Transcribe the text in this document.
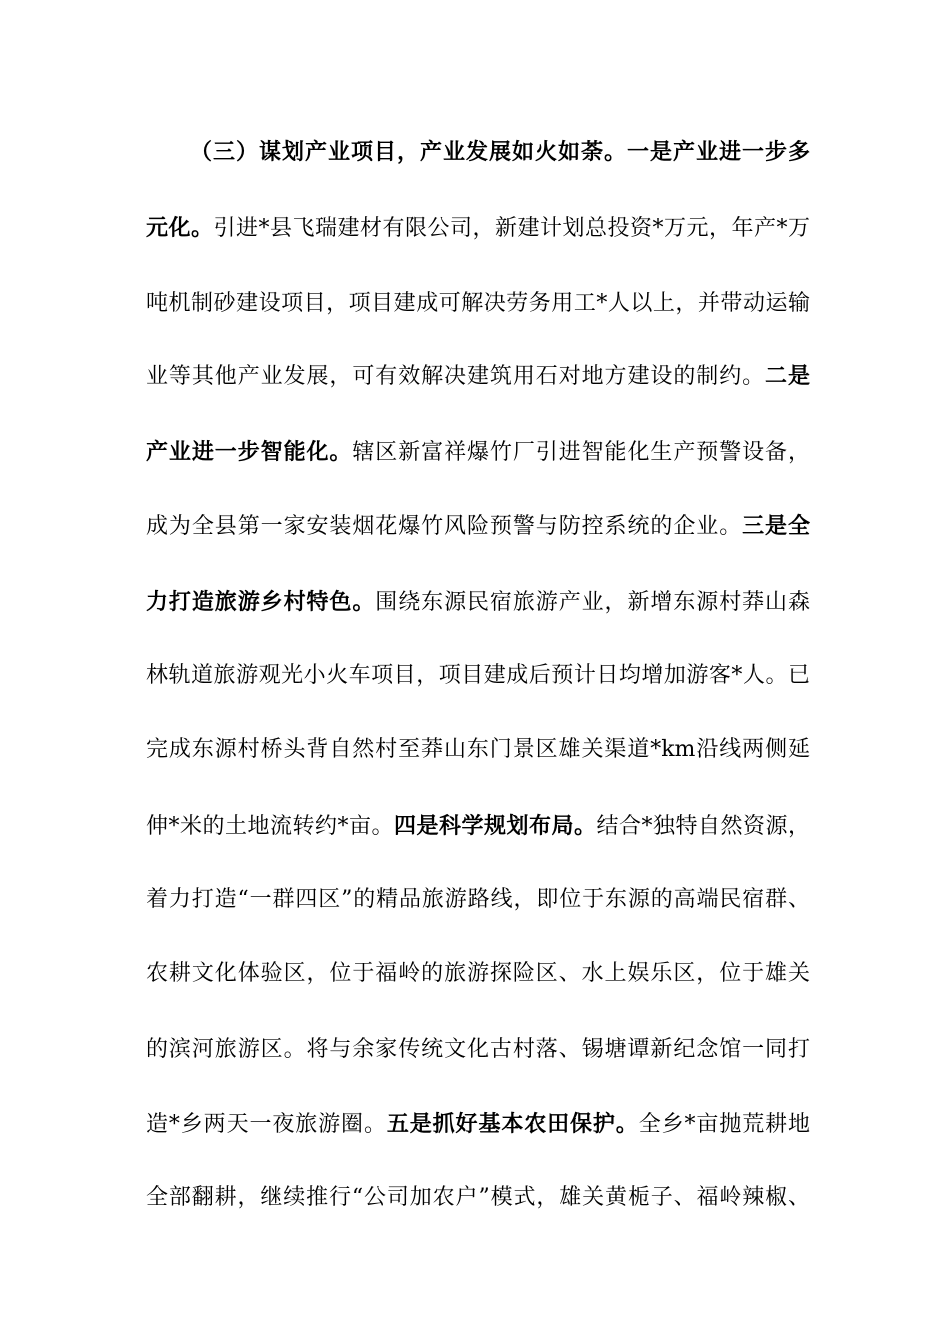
（三）谋划产业项目，产业发展如火如荼。一是产业进一步多
元化。引进*县飞瑞建材有限公司，新建计划总投资*万元，年产*万
吨机制砂建设项目，项目建成可解决劳务用工*人以上，并带动运输
业等其他产业发展，可有效解决建筑用石对地方建设的制约。二是
产业进一步智能化。辖区新富祥爆竹厂引进智能化生产预警设备，
成为全县第一家安装烟花爆竹风险预警与防控系统的企业。三是全
力打造旅游乡村特色。围绕东源民宿旅游产业，新增东源村莽山森
林轨道旅游观光小火车项目，项目建成后预计日均增加游客*人。已
完成东源村桥头背自然村至莽山东门景区雄关渠道*km沿线两侧延
伸*米的土地流转约*亩。四是科学规划布局。结合*独特自然资源，
着力打造“一群四区”的精品旅游路线，即位于东源的高端民宿群、
农耕文化体验区，位于福岭的旅游探险区、水上娱乐区，位于雄关
的滨河旅游区。将与余家传统文化古村落、锡塘谭新纪念馆一同打
造*乡两天一夜旅游圈。五是抓好基本农田保护。全乡*亩抛荒耕地
全部翻耕，继续推行“公司加农户”模式，雄关黄栀子、福岭辣椒、
